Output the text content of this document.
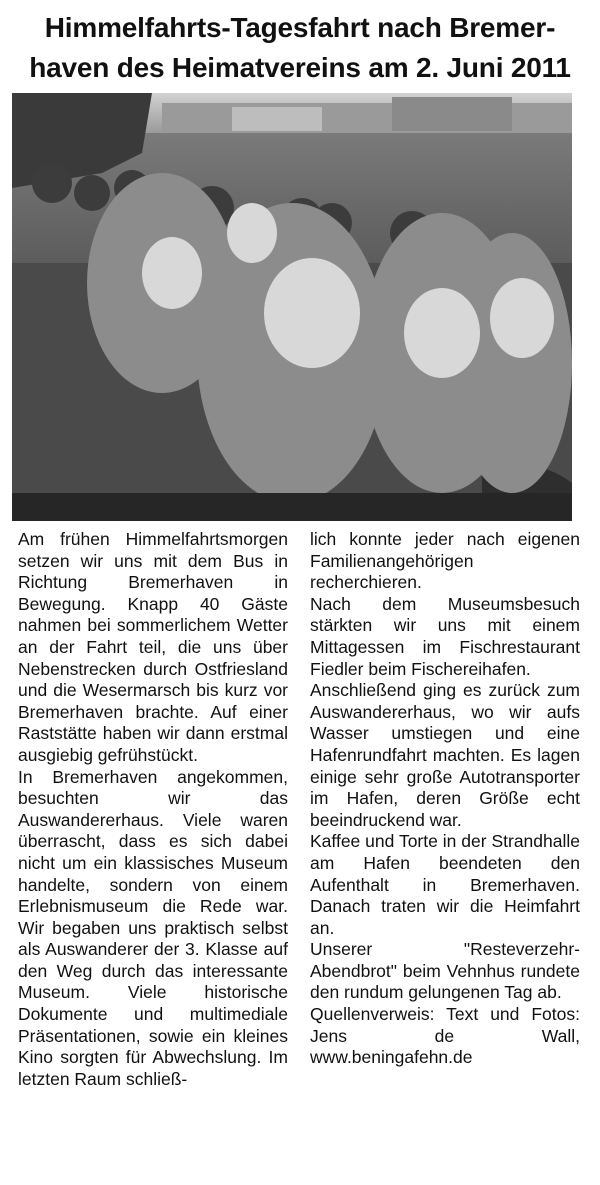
Himmelfahrts-Tagesfahrt nach Bremer-
haven des Heimatvereins am 2. Juni 2011

Am frühen Himmelfahrtsmorgen setzen wir uns mit dem Bus in Richtung Bremerhaven in Bewegung. Knapp 40 Gäste nahmen bei sommerlichem Wetter an der Fahrt teil, die uns über Nebenstrecken durch Ostfriesland und die Wesermarsch bis kurz vor Bremerhaven brachte. Auf einer Raststätte haben wir dann erstmal ausgiebig gefrühstückt.

In Bremerhaven angekommen, besuchten wir das Auswandererhaus. Viele waren überrascht, dass es sich dabei nicht um ein klassisches Museum handelte, sondern von einem Erlebnismuseum die Rede war. Wir begaben uns praktisch selbst als Auswanderer der 3. Klasse auf den Weg durch das interessante Museum. Viele historische Dokumente und multimediale Präsentationen, sowie ein kleines Kino sorgten für Abwechslung. Im letzten Raum schließ-

lich konnte jeder nach eigenen Familienangehörigen recherchieren.

Nach dem Museumsbesuch stärkten wir uns mit einem Mittagessen im Fischrestaurant Fiedler beim Fischereihafen.

Anschließend ging es zurück zum Auswandererhaus, wo wir aufs Wasser umstiegen und eine Hafenrundfahrt machten. Es lagen einige sehr große Autotransporter im Hafen, deren Größe echt beeindruckend war.

Kaffee und Torte in der Strandhalle am Hafen beendeten den Aufenthalt in Bremerhaven. Danach traten wir die Heimfahrt an.

Unserer "Resteverzehr-Abendbrot" beim Vehnhus rundete den rundum gelungenen Tag ab.

Quellenverweis: Text und Fotos: Jens de Wall, www.beningafehn.de
